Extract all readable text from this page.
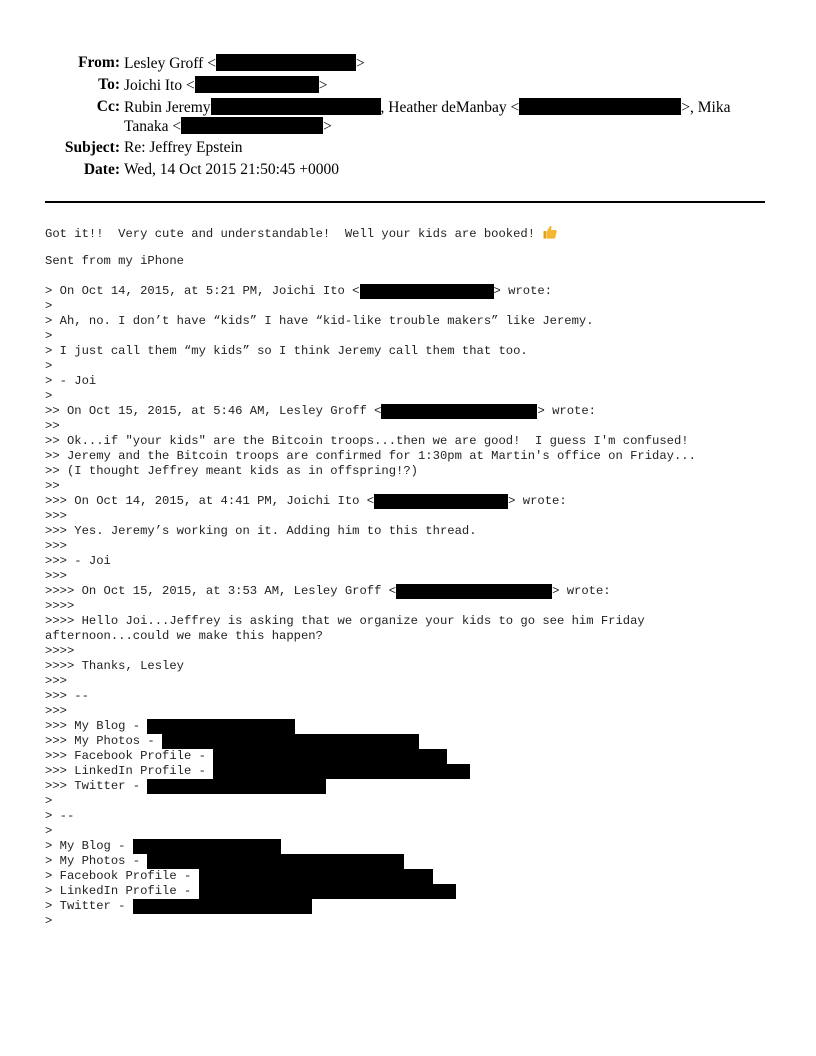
From: Lesley Groff <	>
To: Joichi Ito <	>
Cc: Rubin Jeremy	, Heather deManbay <	>, Mika
Tanaka <	>
Subject: Re: Jeffrey Epstein
Date: Wed, 14 Oct 2015 21:50:45 +0000
Got it!!  Very cute and understandable!  Well your kids are booked!
Sent from my iPhone
> On Oct 14, 2015, at 5:21 PM, Joichi Ito <	> wrote:
>
> Ah, no. I don’t have “kids” I have “kid-like trouble makers” like Jeremy.
>
> I just call them “my kids” so I think Jeremy call them that too.
>
> - Joi
>
>> On Oct 15, 2015, at 5:46 AM, Lesley Groff <	> wrote:
>>
>> Ok...if "your kids" are the Bitcoin troops...then we are good!  I guess I'm confused!
>> Jeremy and the Bitcoin troops are confirmed for 1:30pm at Martin's office on Friday...
>> (I thought Jeffrey meant kids as in offspring!?)
>>
>>> On Oct 14, 2015, at 4:41 PM, Joichi Ito <	> wrote:
>>>
>>> Yes. Jeremy’s working on it. Adding him to this thread.
>>>
>>> - Joi
>>>
>>>> On Oct 15, 2015, at 3:53 AM, Lesley Groff <	> wrote:
>>>>
>>>> Hello Joi...Jeffrey is asking that we organize your kids to go see him Friday
afternoon...could we make this happen?
>>>>
>>>> Thanks, Lesley
>>>
>>> --
>>>
>>> My Blog -
>>> My Photos -
>>> Facebook Profile -
>>> LinkedIn Profile -
>>> Twitter -
>
> --
>
> My Blog -
> My Photos -
> Facebook Profile -
> LinkedIn Profile -
> Twitter -
>
